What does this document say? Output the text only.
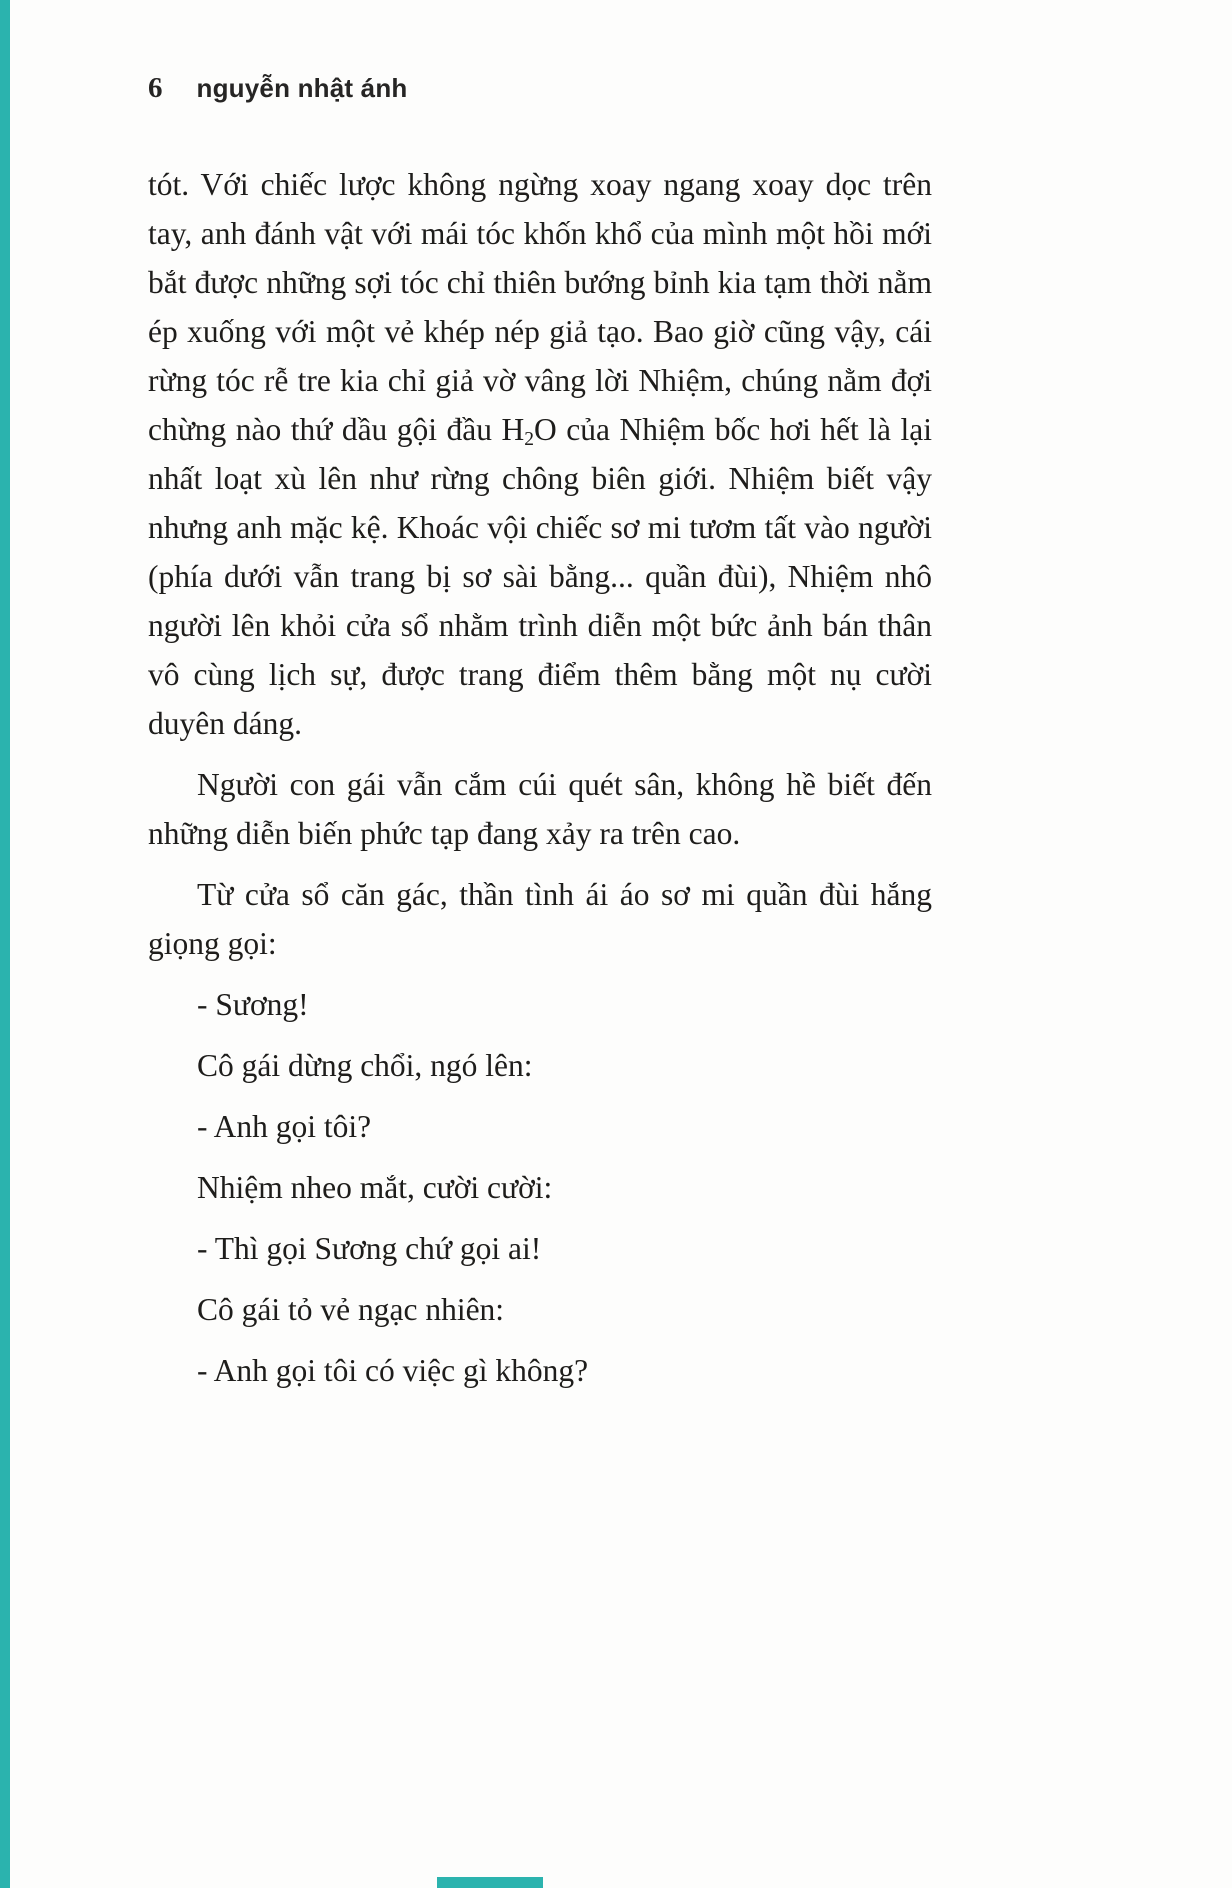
6 nguyễn nhật ánh

tót. Với chiếc lược không ngừng xoay ngang xoay dọc trên tay, anh đánh vật với mái tóc khốn khổ của mình một hồi mới bắt được những sợi tóc chỉ thiên bướng bỉnh kia tạm thời nằm ép xuống với một vẻ khép nép giả tạo. Bao giờ cũng vậy, cái rừng tóc rễ tre kia chỉ giả vờ vâng lời Nhiệm, chúng nằm đợi chừng nào thứ dầu gội đầu $H_2O$ của Nhiệm bốc hơi hết là lại nhất loạt xù lên như rừng chông biên giới. Nhiệm biết vậy nhưng anh mặc kệ. Khoác vội chiếc sơ mi tươm tất vào người (phía dưới vẫn trang bị sơ sài bằng... quần đùi), Nhiệm nhô người lên khỏi cửa sổ nhằm trình diễn một bức ảnh bán thân vô cùng lịch sự, được trang điểm thêm bằng một nụ cười duyên dáng.

Người con gái vẫn cắm cúi quét sân, không hề biết đến những diễn biến phức tạp đang xảy ra trên cao.

Từ cửa sổ căn gác, thần tình ái áo sơ mi quần đùi hắng giọng gọi:

- Sương!

Cô gái dừng chổi, ngó lên:

- Anh gọi tôi?

Nhiệm nheo mắt, cười cười:

- Thì gọi Sương chứ gọi ai!

Cô gái tỏ vẻ ngạc nhiên:

- Anh gọi tôi có việc gì không?
